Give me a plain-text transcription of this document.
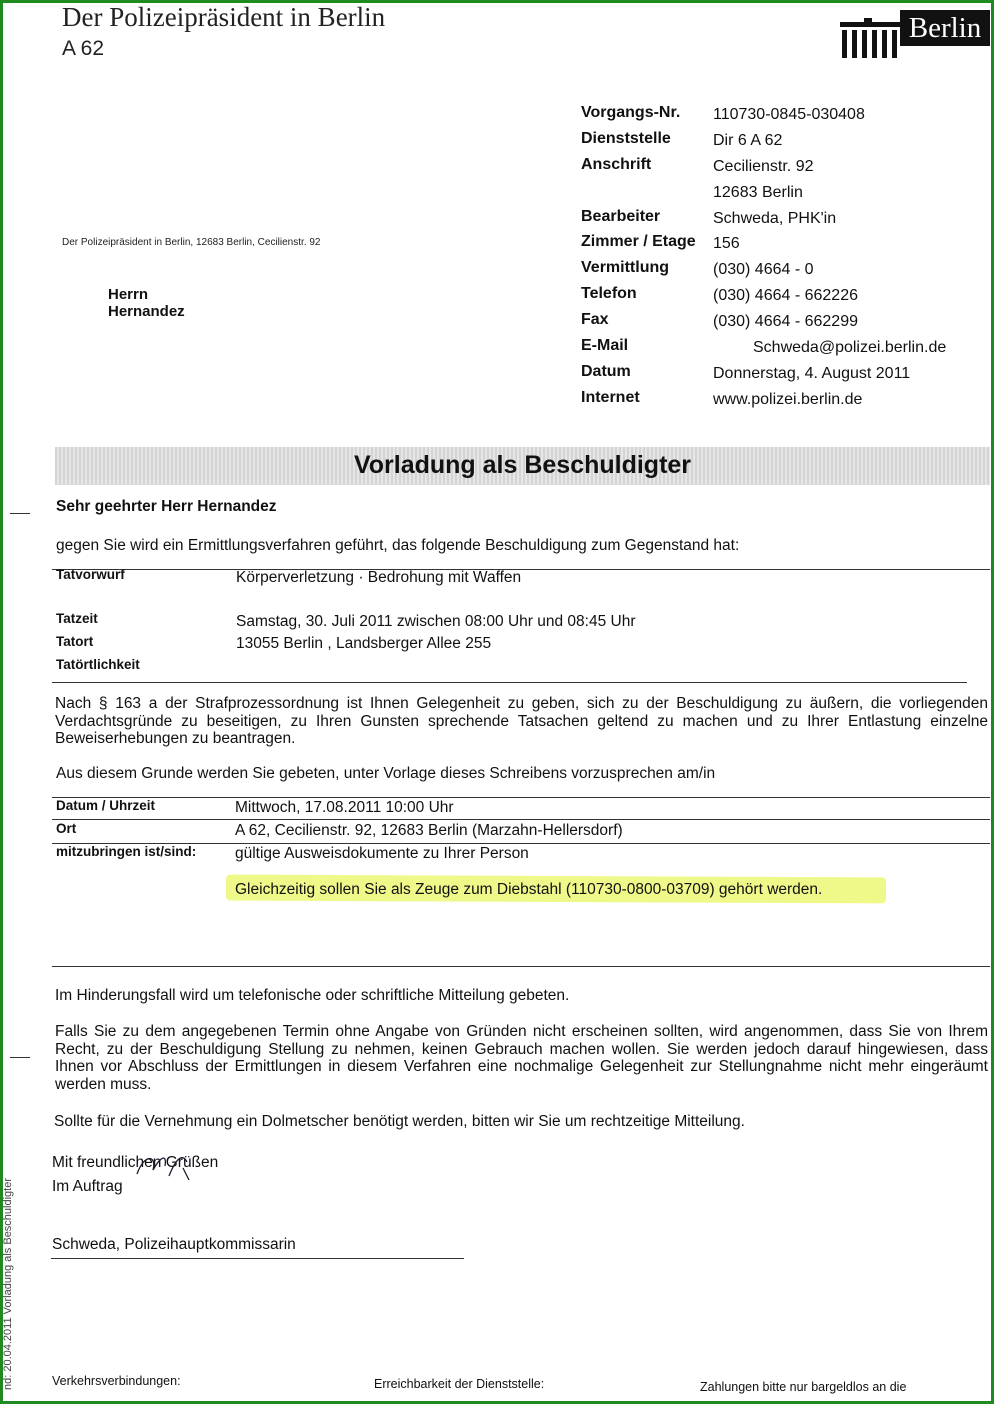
Der Polizeipräsident in Berlin
A 62
Berlin
Der Polizeipräsident in Berlin, 12683 Berlin, Cecilienstr. 92
Herrn
Hernandez
Vorgangs-Nr. 110730-0845-030408
Dienststelle	Dir 6 A 62
Anschrift	Cecilienstr. 92
12683 Berlin
Bearbeiter	Schweda, PHK'in
Zimmer / Etage 156
Vermittlung	(030) 4664 - 0
Telefon	(030) 4664 - 662226
Fax	(030) 4664 - 662299
E-Mail	Schweda@polizei.berlin.de
Datum	Donnerstag, 4. August 2011
Internet	www.polizei.berlin.de
Vorladung als Beschuldigter
Sehr geehrter Herr Hernandez
gegen Sie wird ein Ermittlungsverfahren geführt, das folgende Beschuldigung zum Gegenstand hat:
Tatvorwurf	Körperverletzung · Bedrohung mit Waffen
Tatzeit	Samstag, 30. Juli 2011 zwischen 08:00 Uhr und 08:45 Uhr
Tatort	13055 Berlin , Landsberger Allee 255
Tatörtlichkeit
Nach § 163 a der Strafprozessordnung ist Ihnen Gelegenheit zu geben, sich zu der Beschuldigung zu äußern, die vorliegenden Verdachtsgründe zu beseitigen, zu Ihren Gunsten sprechende Tatsachen geltend zu machen und zu Ihrer Entlastung einzelne Beweiserhebungen zu beantragen.
Aus diesem Grunde werden Sie gebeten, unter Vorlage dieses Schreibens vorzusprechen am/in
Datum / Uhrzeit	Mittwoch, 17.08.2011 10:00 Uhr
Ort	A 62, Cecilienstr. 92, 12683 Berlin (Marzahn-Hellersdorf)
mitzubringen ist/sind:	gültige Ausweisdokumente zu Ihrer Person
Gleichzeitig sollen Sie als Zeuge zum Diebstahl (110730-0800-03709) gehört werden.
Im Hinderungsfall wird um telefonische oder schriftliche Mitteilung gebeten.
Falls Sie zu dem angegebenen Termin ohne Angabe von Gründen nicht erscheinen sollten, wird angenommen, dass Sie von Ihrem Recht, zu der Beschuldigung Stellung zu nehmen, keinen Gebrauch machen wollen. Sie werden jedoch darauf hingewiesen, dass Ihnen vor Abschluss der Ermittlungen in diesem Verfahren eine nochmalige Gelegenheit zur Stellungnahme nicht mehr eingeräumt werden muss.
Sollte für die Vernehmung ein Dolmetscher benötigt werden, bitten wir Sie um rechtzeitige Mitteilung.
Mit freundlichen Grüßen
Im Auftrag
Schweda, Polizeihauptkommissarin
nd: 20.04.2011 Vorladung als Beschuldigter	Verkehrsverbindungen:	Erreichbarkeit der Dienststelle:	Zahlungen bitte nur bargeldlos an die
